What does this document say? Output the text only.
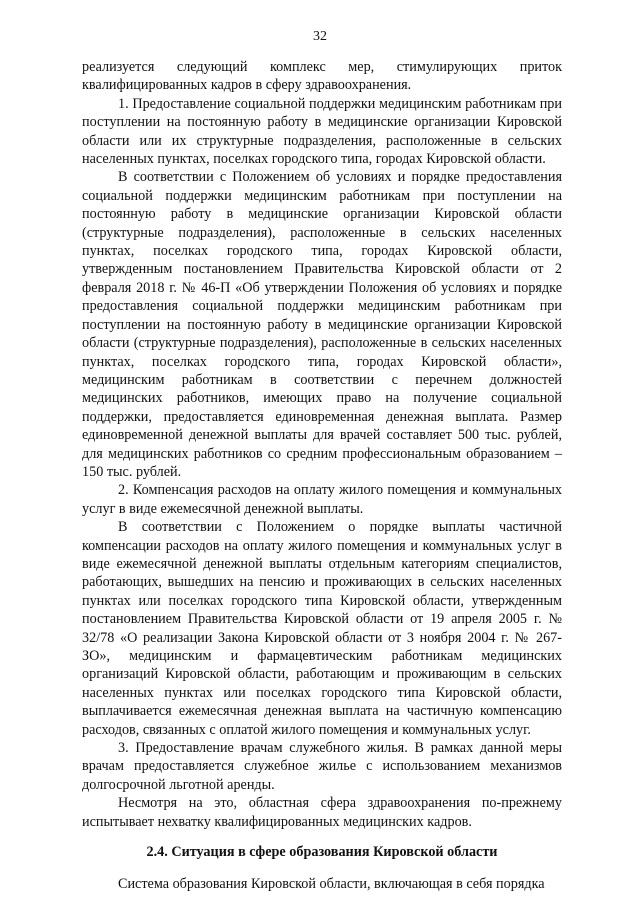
32

реализуется следующий комплекс мер, стимулирующих приток квалифицированных кадров в сферу здравоохранения.

1. Предоставление социальной поддержки медицинским работникам при поступлении на постоянную работу в медицинские организации Кировской области или их структурные подразделения, расположенные в сельских населенных пунктах, поселках городского типа, городах Кировской области.

В соответствии с Положением об условиях и порядке предоставления социальной поддержки медицинским работникам при поступлении на постоянную работу в медицинские организации Кировской области (структурные подразделения), расположенные в сельских населенных пунктах, поселках городского типа, городах Кировской области, утвержденным постановлением Правительства Кировской области от 2 февраля 2018 г. № 46-П «Об утверждении Положения об условиях и порядке предоставления социальной поддержки медицинским работникам при поступлении на постоянную работу в медицинские организации Кировской области (структурные подразделения), расположенные в сельских населенных пунктах, поселках городского типа, городах Кировской области», медицинским работникам в соответствии с перечнем должностей медицинских работников, имеющих право на получение социальной поддержки, предоставляется единовременная денежная выплата. Размер единовременной денежной выплаты для врачей составляет 500 тыс. рублей, для медицинских работников со средним профессиональным образованием – 150 тыс. рублей.

2. Компенсация расходов на оплату жилого помещения и коммунальных услуг в виде ежемесячной денежной выплаты.

В соответствии с Положением о порядке выплаты частичной компенсации расходов на оплату жилого помещения и коммунальных услуг в виде ежемесячной денежной выплаты отдельным категориям специалистов, работающих, вышедших на пенсию и проживающих в сельских населенных пунктах или поселках городского типа Кировской области, утвержденным постановлением Правительства Кировской области от 19 апреля 2005 г. № 32/78 «О реализации Закона Кировской области от 3 ноября 2004 г. № 267-ЗО», медицинским и фармацевтическим работникам медицинских организаций Кировской области, работающим и проживающим в сельских населенных пунктах или поселках городского типа Кировской области, выплачивается ежемесячная денежная выплата на частичную компенсацию расходов, связанных с оплатой жилого помещения и коммунальных услуг.

3. Предоставление врачам служебного жилья. В рамках данной меры врачам предоставляется служебное жилье с использованием механизмов долгосрочной льготной аренды.

Несмотря на это, областная сфера здравоохранения по-прежнему испытывает нехватку квалифицированных медицинских кадров.

2.4. Ситуация в сфере образования Кировской области

Система образования Кировской области, включающая в себя порядка
